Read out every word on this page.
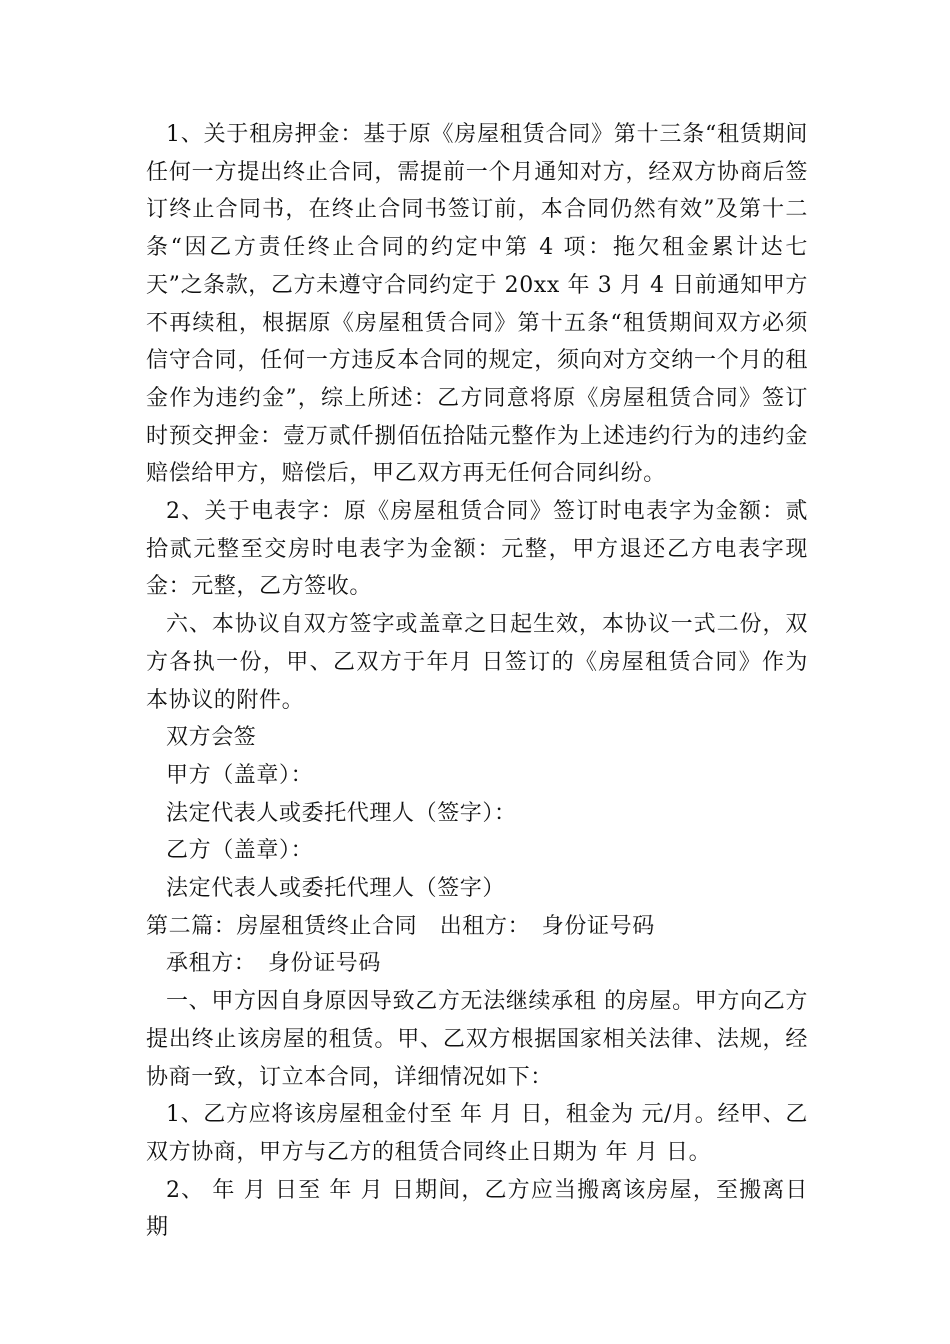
1、关于租房押金：基于原《房屋租赁合同》第十三条“租赁期间任何一方提出终止合同，需提前一个月通知对方，经双方协商后签订终止合同书，在终止合同书签订前，本合同仍然有效”及第十二条“因乙方责任终止合同的约定中第 4 项：拖欠租金累计达七天”之条款，乙方未遵守合同约定于 20xx 年 3 月 4 日前通知甲方不再续租，根据原《房屋租赁合同》第十五条“租赁期间双方必须信守合同，任何一方违反本合同的规定，须向对方交纳一个月的租金作为违约金”，综上所述：乙方同意将原《房屋租赁合同》签订时预交押金：壹万贰仟捌佰伍拾陆元整作为上述违约行为的违约金赔偿给甲方，赔偿后，甲乙双方再无任何合同纠纷。

2、关于电表字：原《房屋租赁合同》签订时电表字为金额：贰拾贰元整至交房时电表字为金额：元整，甲方退还乙方电表字现金：元整，乙方签收。

六、本协议自双方签字或盖章之日起生效，本协议一式二份，双方各执一份，甲、乙双方于年月 日签订的《房屋租赁合同》作为本协议的附件。

双方会签

甲方（盖章）：

法定代表人或委托代理人（签字）：

乙方（盖章）：

法定代表人或委托代理人（签字）

第二篇：房屋租赁终止合同　出租方：　身份证号码

承租方：　身份证号码

一、甲方因自身原因导致乙方无法继续承租 的房屋。甲方向乙方提出终止该房屋的租赁。甲、乙双方根据国家相关法律、法规，经协商一致，订立本合同，详细情况如下：

1、乙方应将该房屋租金付至 年 月 日，租金为 元/月。经甲、乙双方协商，甲方与乙方的租赁合同终止日期为 年 月 日。

2、 年 月 日至 年 月 日期间，乙方应当搬离该房屋，至搬离日期
